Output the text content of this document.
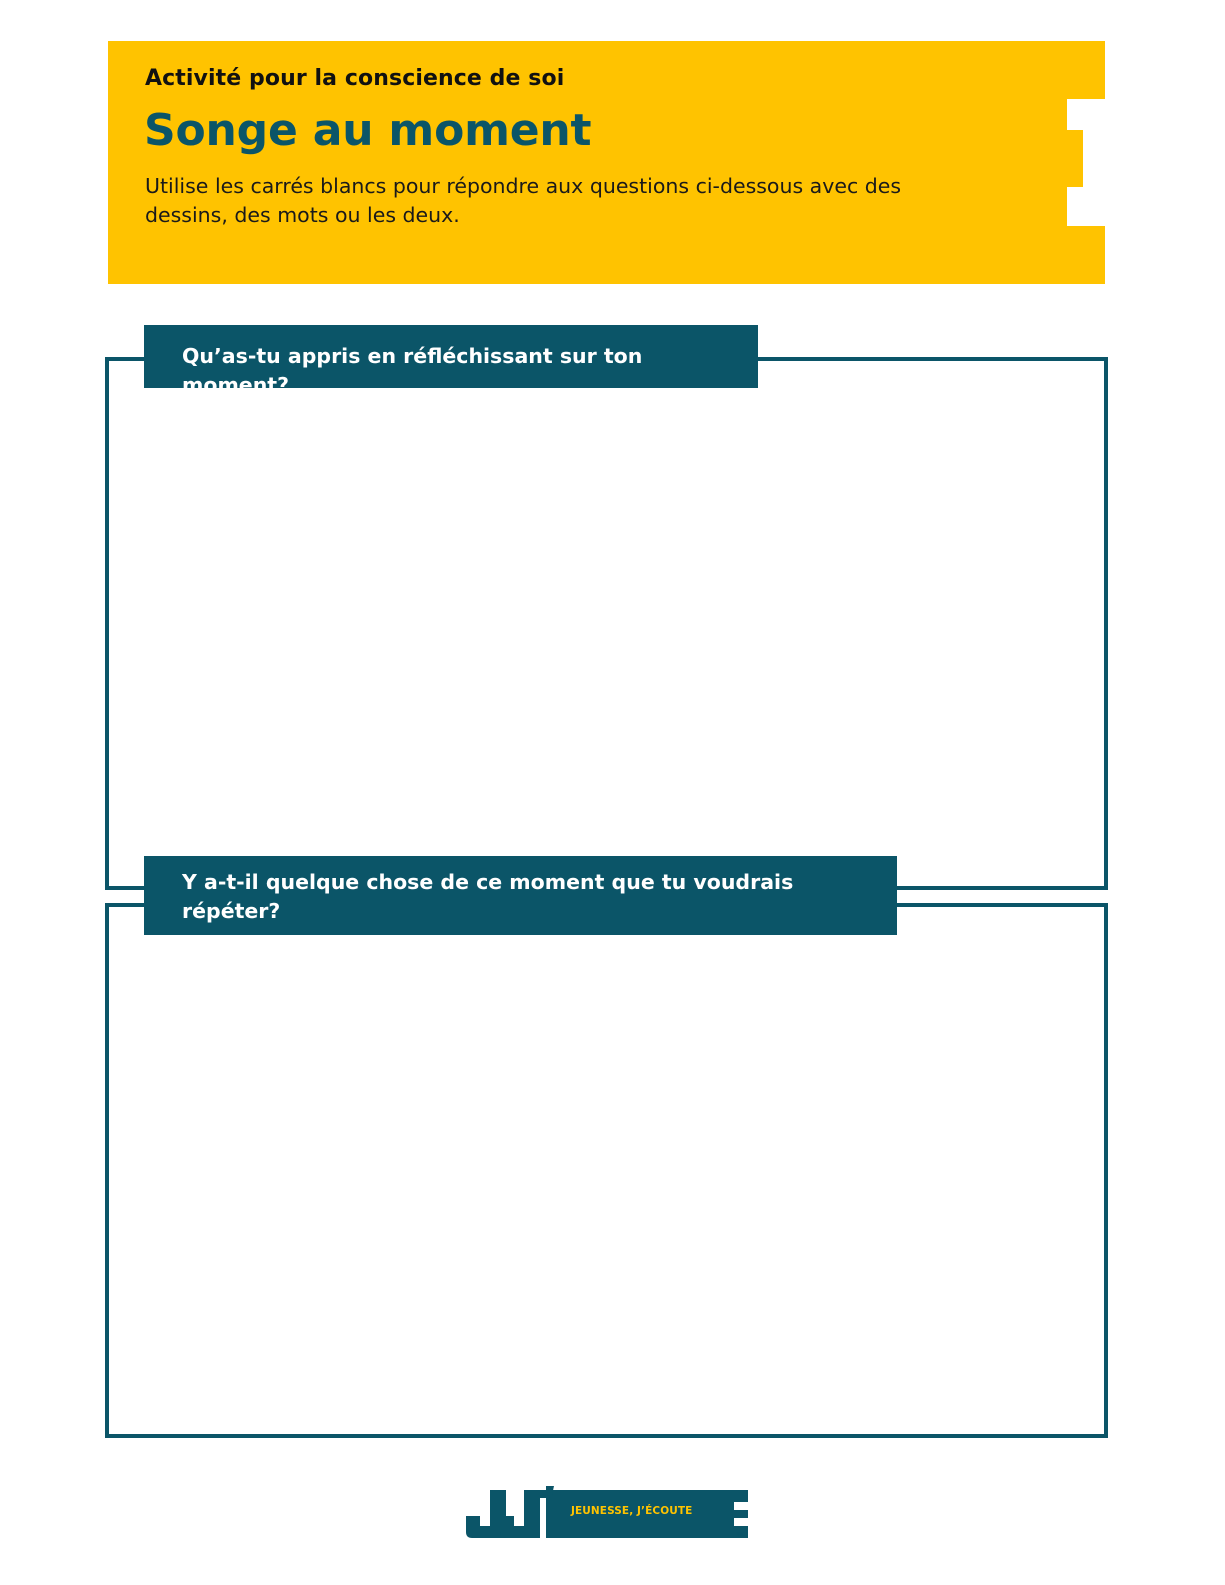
Activité pour la conscience de soi
Songe au moment
Utilise les carrés blancs pour répondre aux questions ci-dessous avec des dessins, des mots ou les deux.
Qu’as-tu appris en réfléchissant sur ton moment?
Y a-t-il quelque chose de ce moment que tu voudrais répéter?
JEUNESSE, J’ÉCOUTE
MC
